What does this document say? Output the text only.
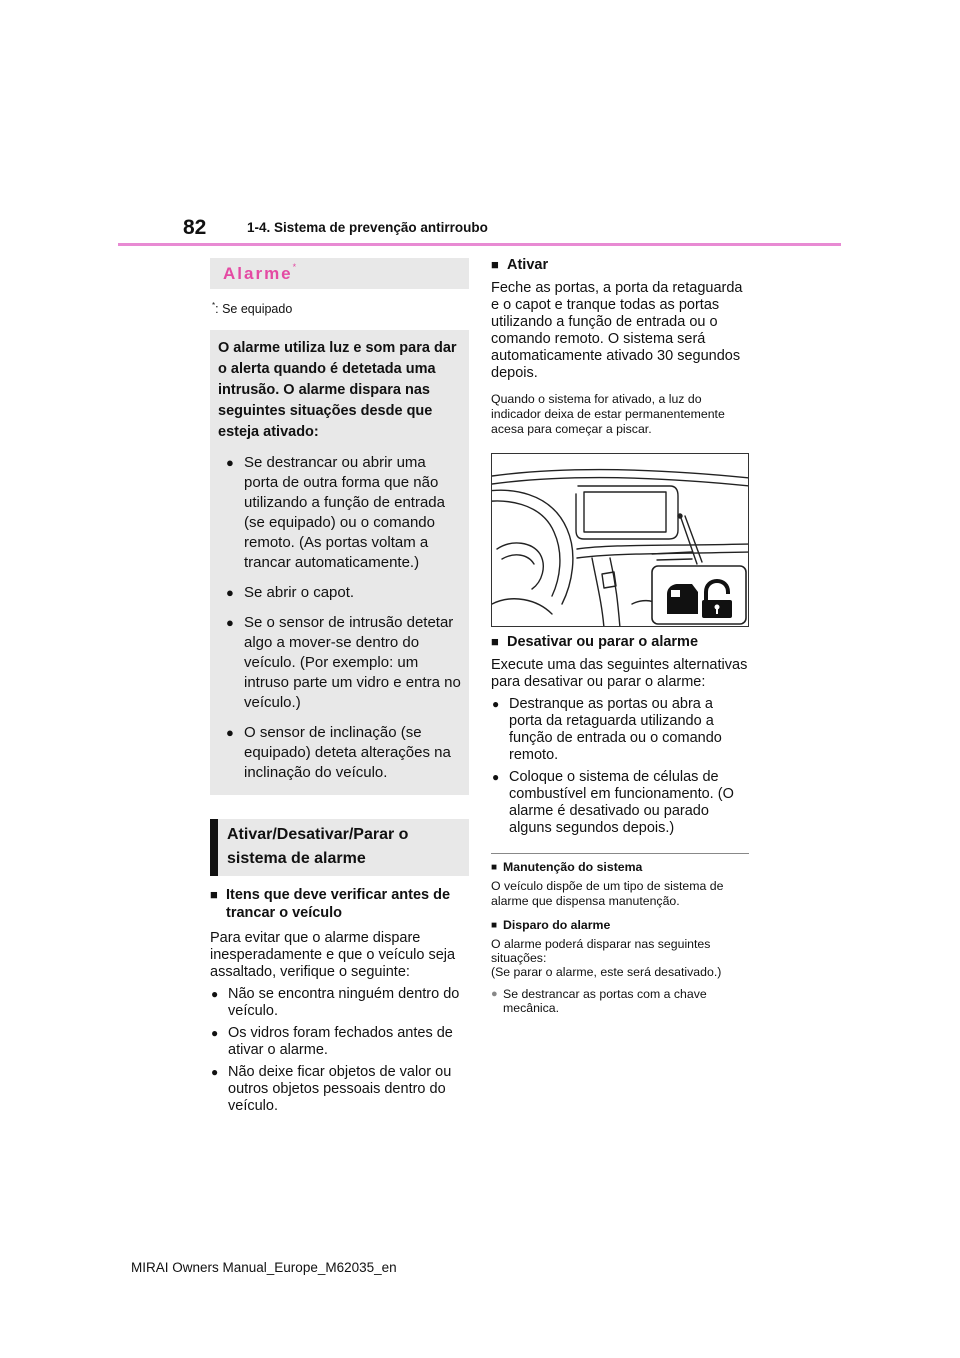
82	1-4. Sistema de prevenção antirroubo
Alarme*
*: Se equipado
O alarme utiliza luz e som para dar o alerta quando é detetada uma intrusão. O alarme dispara nas seguintes situações desde que esteja ativado:
● Se destrancar ou abrir uma porta de outra forma que não utilizando a função de entrada (se equipado) ou o comando remoto. (As portas voltam a trancar automaticamente.)
● Se abrir o capot.
● Se o sensor de intrusão detetar algo a mover-se dentro do veículo. (Por exemplo: um intruso parte um vidro e entra no veículo.)
● O sensor de inclinação (se equipado) deteta alterações na inclinação do veículo.
Ativar/Desativar/Parar o sistema de alarme
■ Itens que deve verificar antes de trancar o veículo
Para evitar que o alarme dispare inesperadamente e que o veículo seja assaltado, verifique o seguinte:
● Não se encontra ninguém dentro do veículo.
● Os vidros foram fechados antes de ativar o alarme.
● Não deixe ficar objetos de valor ou outros objetos pessoais dentro do veículo.
■ Ativar
Feche as portas, a porta da retaguarda e o capot e tranque todas as portas utilizando a função de entrada ou o comando remoto. O sistema será automaticamente ativado 30 segundos depois.
Quando o sistema for ativado, a luz do indicador deixa de estar permanentemente acesa para começar a piscar.
■ Desativar ou parar o alarme
Execute uma das seguintes alternativas para desativar ou parar o alarme:
● Destranque as portas ou abra a porta da retaguarda utilizando a função de entrada ou o comando remoto.
● Coloque o sistema de células de combustível em funcionamento. (O alarme é desativado ou parado alguns segundos depois.)
■ Manutenção do sistema
O veículo dispõe de um tipo de sistema de alarme que dispensa manutenção.
■ Disparo do alarme
O alarme poderá disparar nas seguintes situações:
(Se parar o alarme, este será desativado.)
● Se destrancar as portas com a chave mecânica.
MIRAI Owners Manual_Europe_M62035_en
